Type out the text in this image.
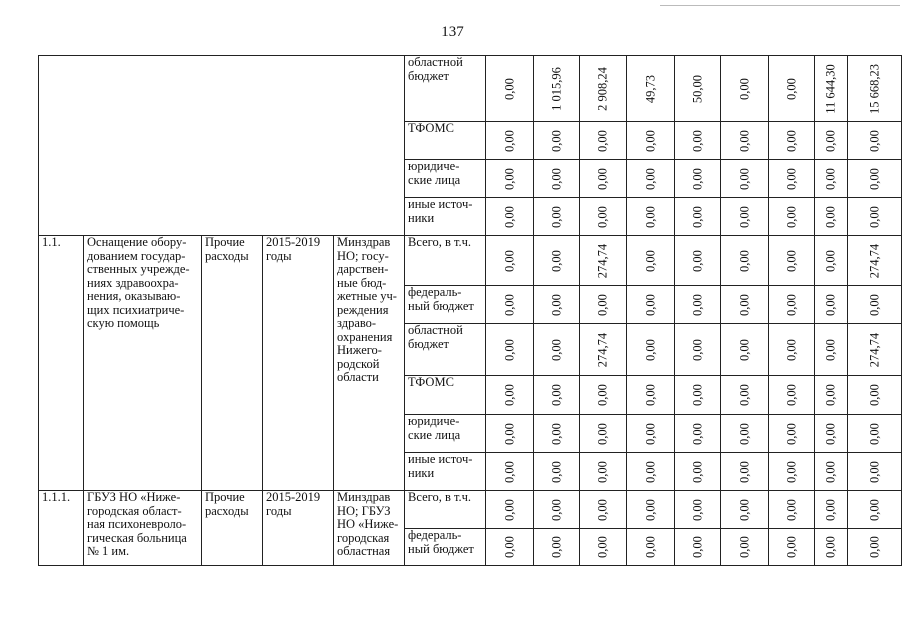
137
					областной бюджет	0,00	1 015,96	2 908,24	49,73	50,00	0,00	0,00	11 644,30	15 668,23

					ТФОМС	0,00	0,00	0,00	0,00	0,00	0,00	0,00	0,00	0,00

					юридиче-ские лица	0,00	0,00	0,00	0,00	0,00	0,00	0,00	0,00	0,00

					иные источ-ники	0,00	0,00	0,00	0,00	0,00	0,00	0,00	0,00	0,00

1.1.	Оснащение обору-дованием государ-ственных учрежде-ниях здравоохра-нения, оказываю-щих психиатриче-скую помощь	Прочие расходы	2015-2019 годы	Минздрав НО; госу-дарствен-ные бюд-жетные уч-реждения здраво-охранения Нижего-родской области	Всего, в т.ч.	0,00	0,00	274,74	0,00	0,00	0,00	0,00	0,00	274,74

					федераль-ный бюджет	0,00	0,00	0,00	0,00	0,00	0,00	0,00	0,00	0,00

					областной бюджет	0,00	0,00	274,74	0,00	0,00	0,00	0,00	0,00	274,74

					ТФОМС	0,00	0,00	0,00	0,00	0,00	0,00	0,00	0,00	0,00

					юридиче-ские лица	0,00	0,00	0,00	0,00	0,00	0,00	0,00	0,00	0,00

					иные источ-ники	0,00	0,00	0,00	0,00	0,00	0,00	0,00	0,00	0,00

1.1.1.	ГБУЗ НО «Ниже-городская област-ная психоневроло-гическая больница № 1 им.	Прочие расходы	2015-2019 годы	Минздрав НО; ГБУЗ НО «Ниже-городская областная	Всего, в т.ч.	0,00	0,00	0,00	0,00	0,00	0,00	0,00	0,00	0,00

					федераль-ный бюджет	0,00	0,00	0,00	0,00	0,00	0,00	0,00	0,00	0,00
